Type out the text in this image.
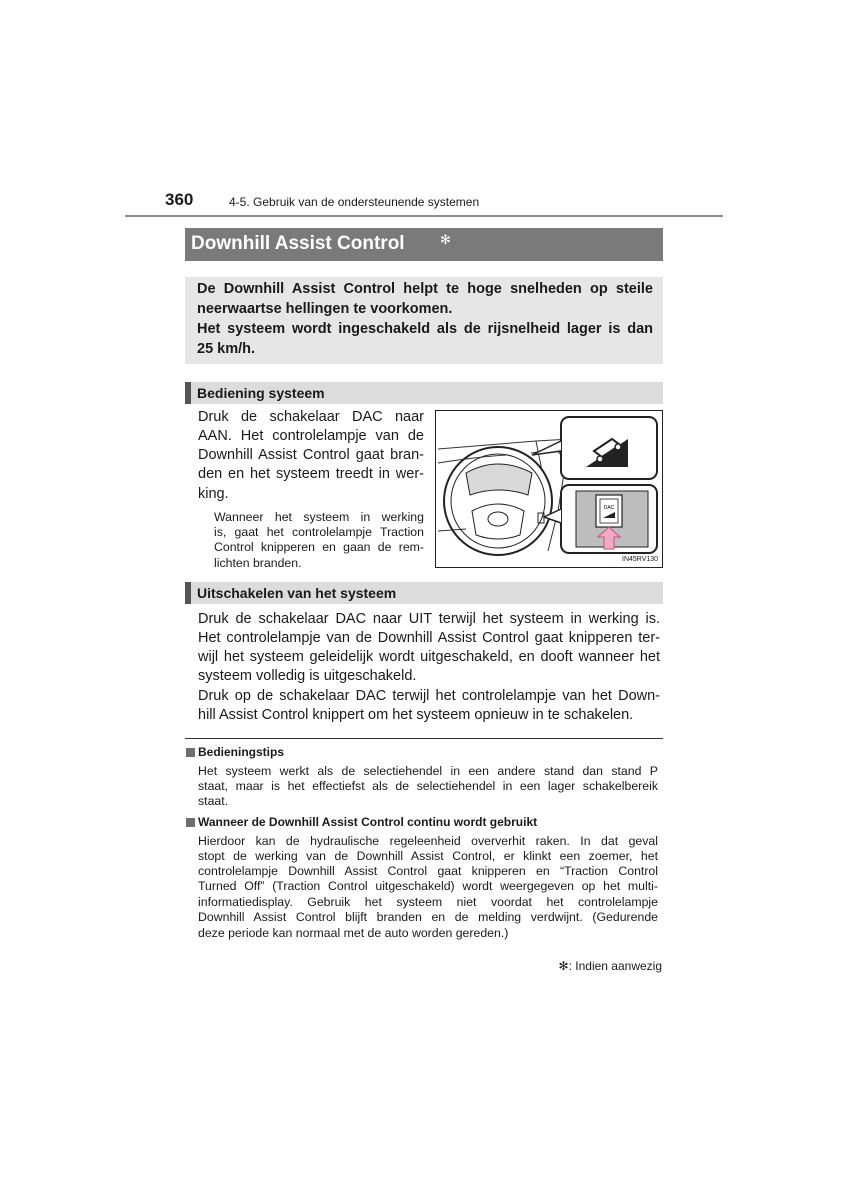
360	4-5. Gebruik van de ondersteunende systemen
Downhill Assist Control	✻
De Downhill Assist Control helpt te hoge snelheden op steile
neerwaartse hellingen te voorkomen.
Het systeem wordt ingeschakeld als de rijsnelheid lager is dan
25 km/h.
Bediening systeem
Druk de schakelaar DAC naar
AAN. Het controlelampje van de
Downhill Assist Control gaat bran-
den en het systeem treedt in wer-
king.
Wanneer het systeem in werking
is, gaat het controlelampje Traction
Control knipperen en gaan de rem-
lichten branden.
DAC
IN45RV130
Uitschakelen van het systeem
Druk de schakelaar DAC naar UIT terwijl het systeem in werking is.
Het controlelampje van de Downhill Assist Control gaat knipperen ter-
wijl het systeem geleidelijk wordt uitgeschakeld, en dooft wanneer het
systeem volledig is uitgeschakeld.
Druk op de schakelaar DAC terwijl het controlelampje van het Down-
hill Assist Control knippert om het systeem opnieuw in te schakelen.
Bedieningstips
Het systeem werkt als de selectiehendel in een andere stand dan stand P
staat, maar is het effectiefst als de selectiehendel in een lager schakelbereik
staat.
Wanneer de Downhill Assist Control continu wordt gebruikt
Hierdoor kan de hydraulische regeleenheid oververhit raken. In dat geval
stopt de werking van de Downhill Assist Control, er klinkt een zoemer, het
controlelampje Downhill Assist Control gaat knipperen en “Traction Control
Turned Off” (Traction Control uitgeschakeld) wordt weergegeven op het multi-
informatiedisplay. Gebruik het systeem niet voordat het controlelampje
Downhill Assist Control blijft branden en de melding verdwijnt. (Gedurende
deze periode kan normaal met de auto worden gereden.)
✻: Indien aanwezig
